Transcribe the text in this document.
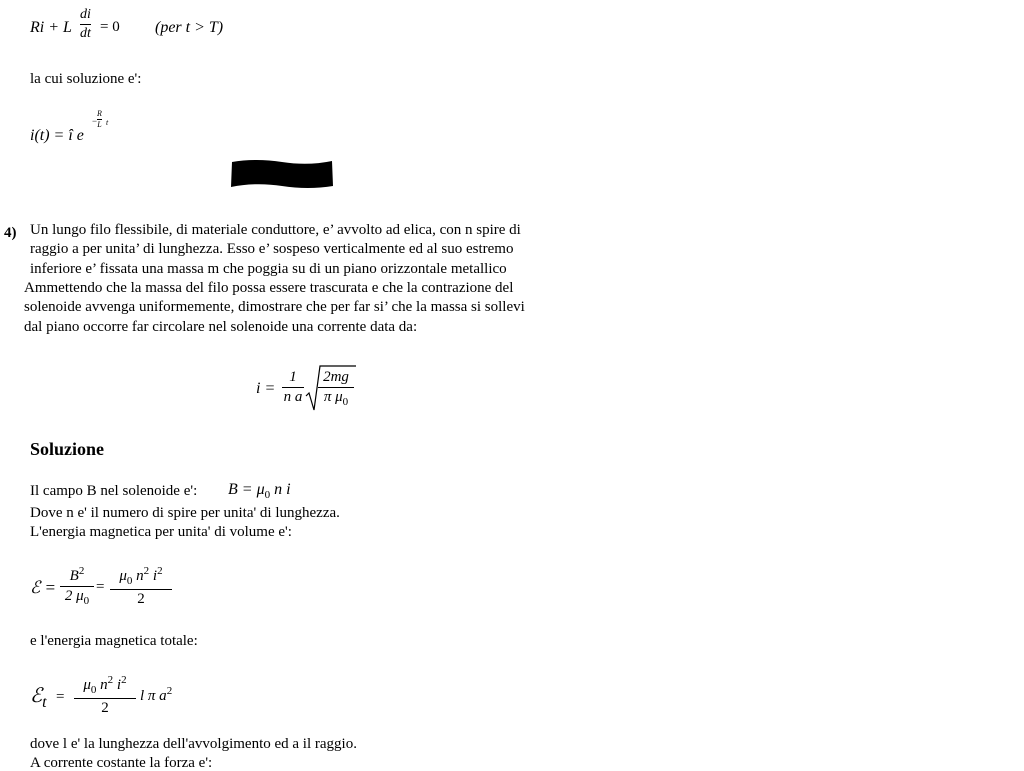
Ri + L
di
dt = 0 (per t > T)
la cui soluzione e':
i(t) = î e
−
R
L t
4) Un lungo filo flessibile, di materiale conduttore, e’ avvolto ad elica, con n spire di
raggio a per unita’ di lunghezza. Esso e’ sospeso verticalmente ed al suo estremo
inferiore e’ fissata una massa m che poggia su di un piano orizzontale metallico
Ammettendo che la massa del filo possa essere trascurata e che la contrazione del
solenoide avvenga uniformemente, dimostrare che per far si’ che la massa si sollevi
dal piano occorre far circolare nel solenoide una corrente data da:
i =
1
n a
2mg
π $\mu_0$
Soluzione
Il campo B nel solenoide e': $B = \mu_0$ n i
Dove n e' il numero di spire per unita' di lunghezza.
L'energia magnetica per unita' di volume e':
ℰ =
$B^2$
2 $\mu_0$
=
$\mu_0$ $n^2$ $i^2$
2
e l'energia magnetica totale:
ℰ$_t$ =
$\mu_0$ $n^2$ $i^2$
2
l π $a^2$
dove l e' la lunghezza dell'avvolgimento ed a il raggio.
A corrente costante la forza e':
